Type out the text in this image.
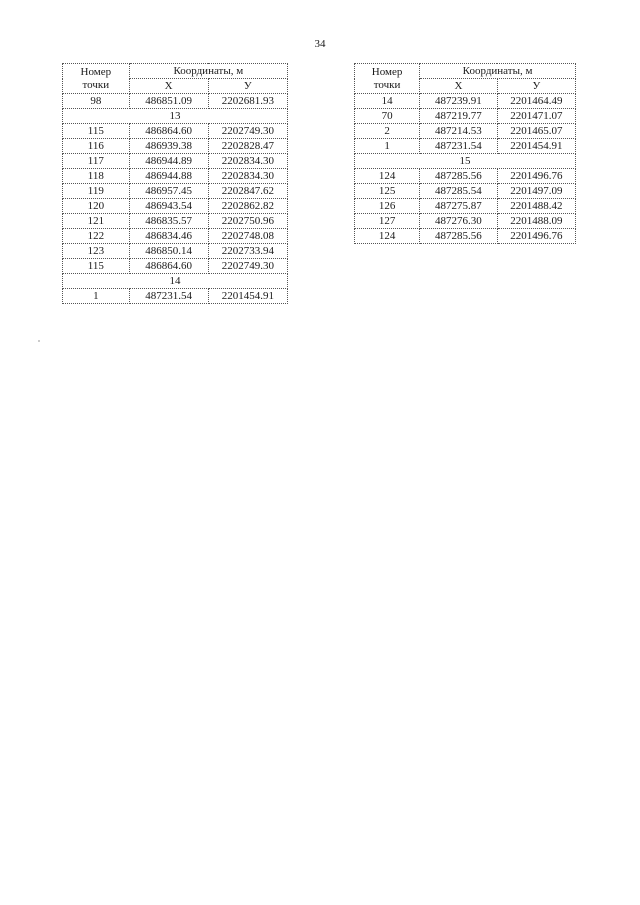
34
Номер
точки	Координаты, м	
	X	У
98	486851.09	2202681.93
13		
115	486864.60	2202749.30
116	486939.38	2202828.47
117	486944.89	2202834.30
118	486944.88	2202834.30
119	486957.45	2202847.62
120	486943.54	2202862.82
121	486835.57	2202750.96
122	486834.46	2202748.08
123	486850.14	2202733.94
115	486864.60	2202749.30
14		
1	487231.54	2201454.91
Номер
точки	Координаты, м	
	X	У
14	487239.91	2201464.49
70	487219.77	2201471.07
2	487214.53	2201465.07
1	487231.54	2201454.91
15		
124	487285.56	2201496.76
125	487285.54	2201497.09
126	487275.87	2201488.42
127	487276.30	2201488.09
124	487285.56	2201496.76
